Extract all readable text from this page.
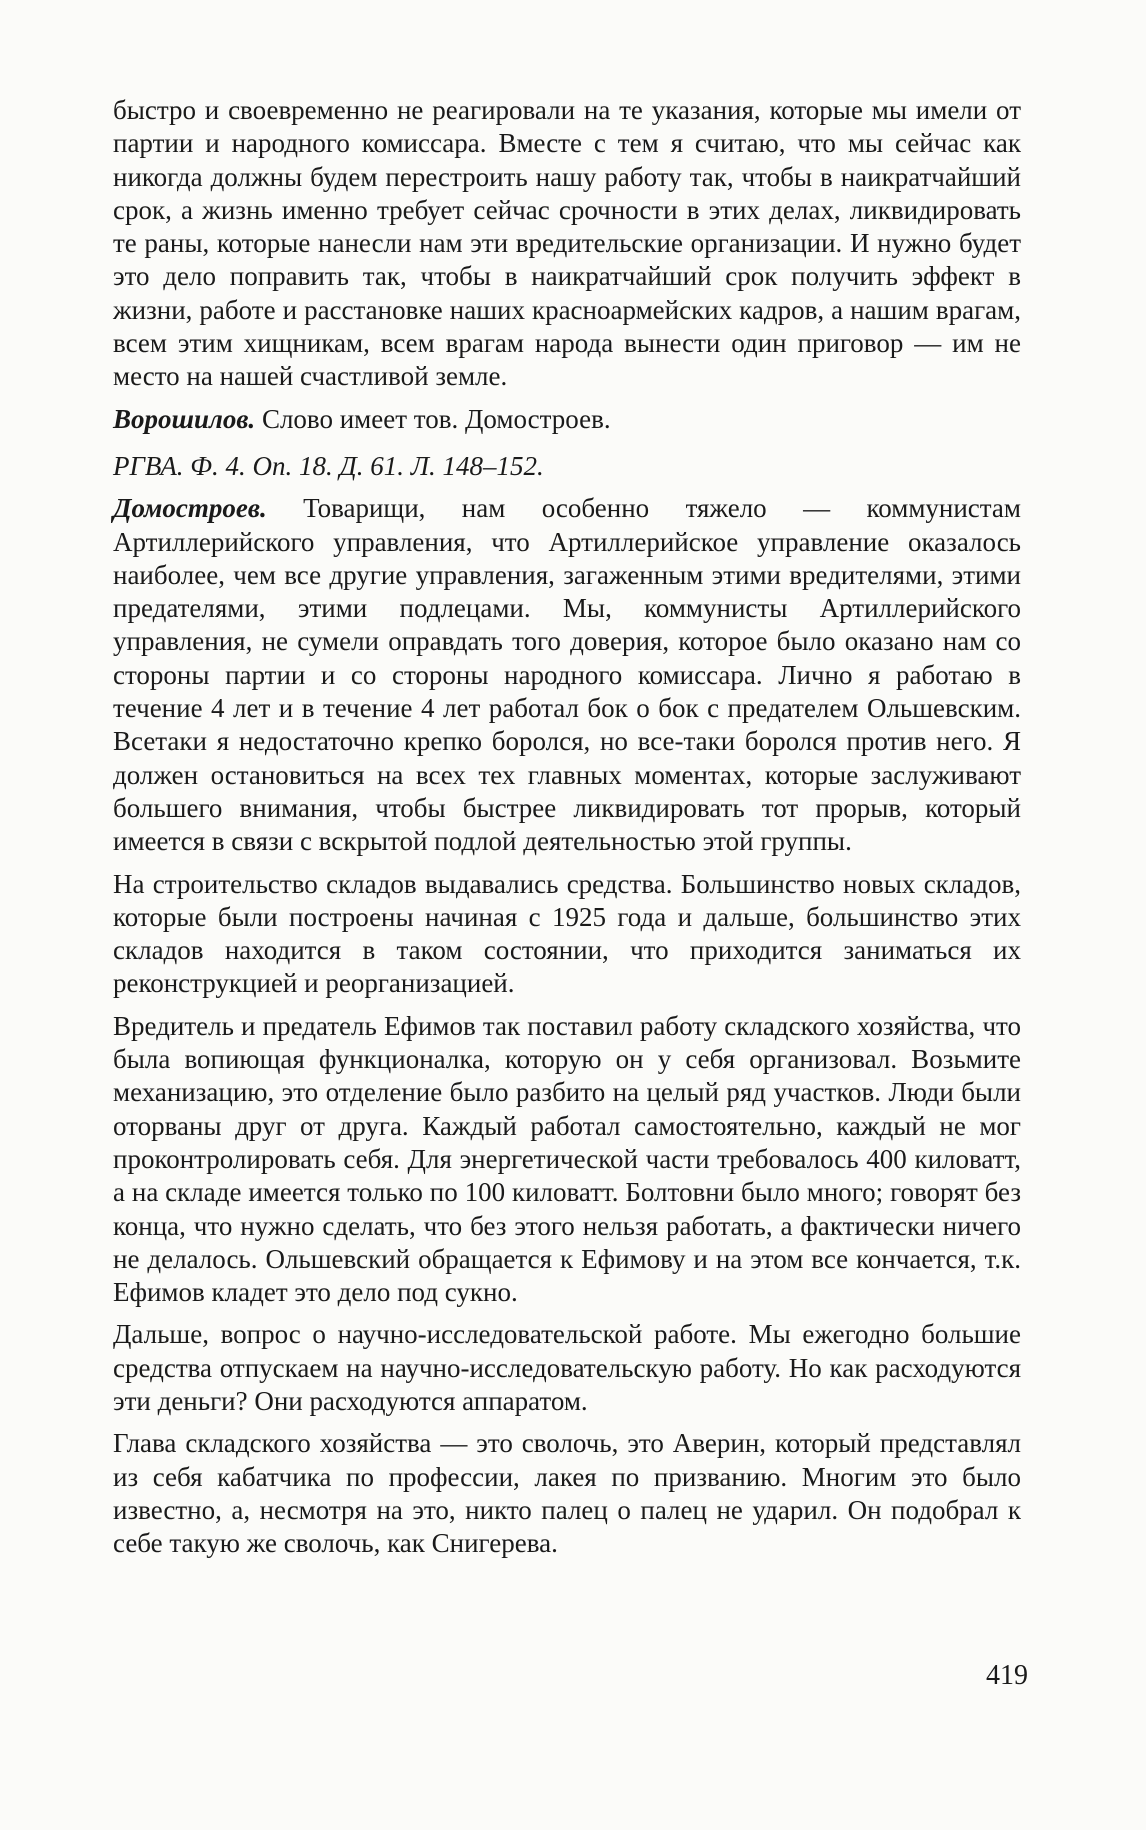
быстро и своевременно не реагировали на те указания, которые мы имели от партии и народного комиссара. Вместе с тем я считаю, что мы сейчас как никогда должны будем перестроить нашу работу так, чтобы в наикратчайший срок, а жизнь именно требует сейчас срочности в этих делах, ликвидировать те раны, которые нанесли нам эти вредительские организации. И нужно будет это дело поправить так, чтобы в наикратчайший срок получить эффект в жизни, работе и расстановке наших красноармейских кадров, а нашим врагам, всем этим хищникам, всем врагам народа вынести один приговор — им не место на нашей счастливой земле.

Ворошилов. Слово имеет тов. Домостроев.

РГВА. Ф. 4. Оп. 18. Д. 61. Л. 148–152.

Домостроев. Товарищи, нам особенно тяжело — коммунистам Артиллерийского управления, что Артиллерийское управление оказалось наиболее, чем все другие управления, загаженным этими вредителями, этими предателями, этими подлецами. Мы, коммунисты Артиллерийского управления, не сумели оправдать того доверия, которое было оказано нам со стороны партии и со стороны народного комиссара. Лично я работаю в течение 4 лет и в течение 4 лет работал бок о бок с предателем Ольшевским. Всетаки я недостаточно крепко боролся, но все-таки боролся против него. Я должен остановиться на всех тех главных моментах, которые заслуживают большего внимания, чтобы быстрее ликвидировать тот прорыв, который имеется в связи с вскрытой подлой деятельностью этой группы.

На строительство складов выдавались средства. Большинство новых складов, которые были построены начиная с 1925 года и дальше, большинство этих складов находится в таком состоянии, что приходится заниматься их реконструкцией и реорганизацией.

Вредитель и предатель Ефимов так поставил работу складского хозяйства, что была вопиющая функционалка, которую он у себя организовал. Возьмите механизацию, это отделение было разбито на целый ряд участков. Люди были оторваны друг от друга. Каждый работал самостоятельно, каждый не мог проконтролировать себя. Для энергетической части требовалось 400 киловатт, а на складе имеется только по 100 киловатт. Болтовни было много; говорят без конца, что нужно сделать, что без этого нельзя работать, а фактически ничего не делалось. Ольшевский обращается к Ефимову и на этом все кончается, т.к. Ефимов кладет это дело под сукно.

Дальше, вопрос о научно-исследовательской работе. Мы ежегодно большие средства отпускаем на научно-исследовательскую работу. Но как расходуются эти деньги? Они расходуются аппаратом.

Глава складского хозяйства — это сволочь, это Аверин, который представлял из себя кабатчика по профессии, лакея по призванию. Многим это было известно, а, несмотря на это, никто палец о палец не ударил. Он подобрал к себе такую же сволочь, как Снигерева.

419
